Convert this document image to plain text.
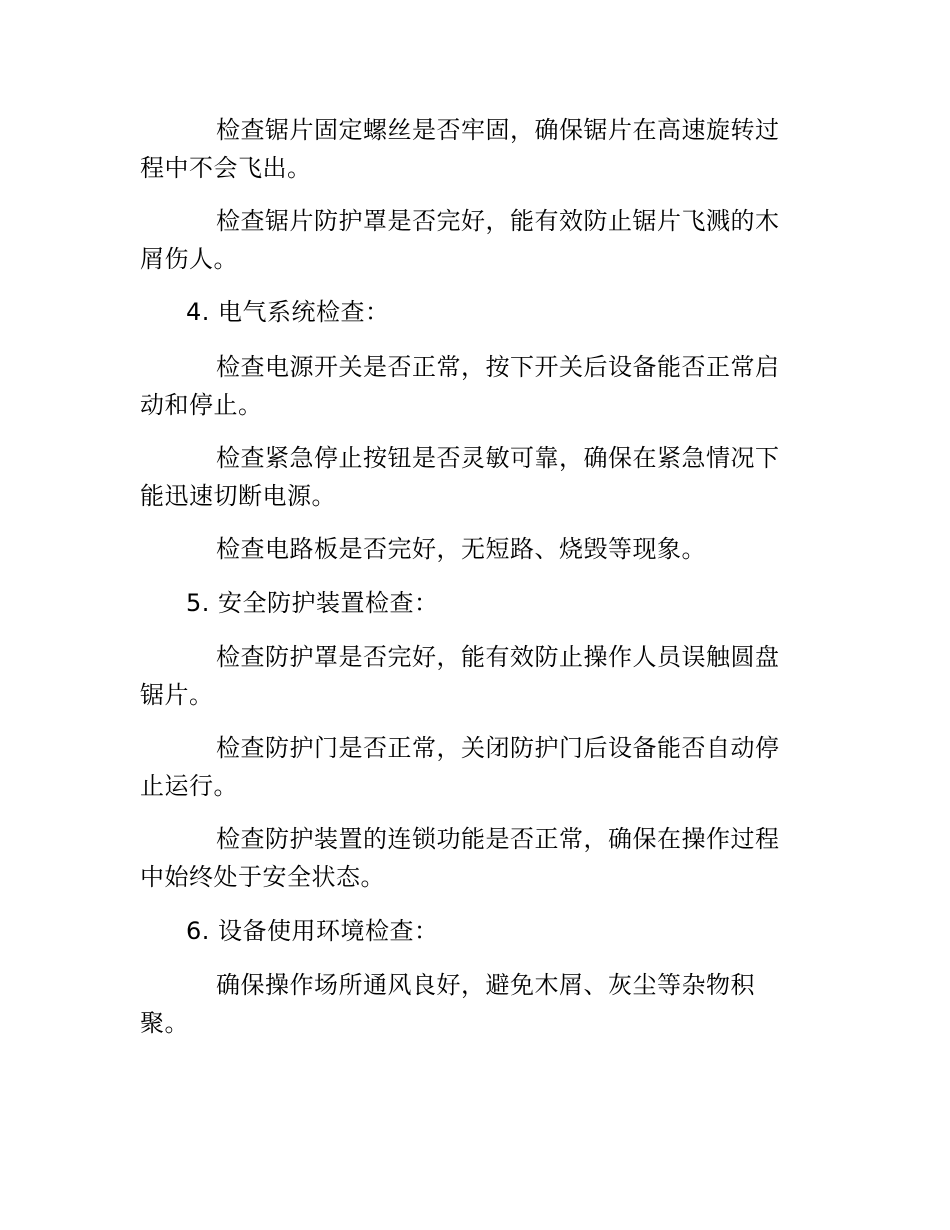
检查锯片固定螺丝是否牢固，确保锯片在高速旋转过
程中不会飞出。
检查锯片防护罩是否完好，能有效防止锯片飞溅的木
屑伤人。
4. 电气系统检查：
检查电源开关是否正常，按下开关后设备能否正常启
动和停止。
检查紧急停止按钮是否灵敏可靠，确保在紧急情况下
能迅速切断电源。
检查电路板是否完好，无短路、烧毁等现象。
5. 安全防护装置检查：
检查防护罩是否完好，能有效防止操作人员误触圆盘
锯片。
检查防护门是否正常，关闭防护门后设备能否自动停
止运行。
检查防护装置的连锁功能是否正常，确保在操作过程
中始终处于安全状态。
6. 设备使用环境检查：
确保操作场所通风良好，避免木屑、灰尘等杂物积
聚。
